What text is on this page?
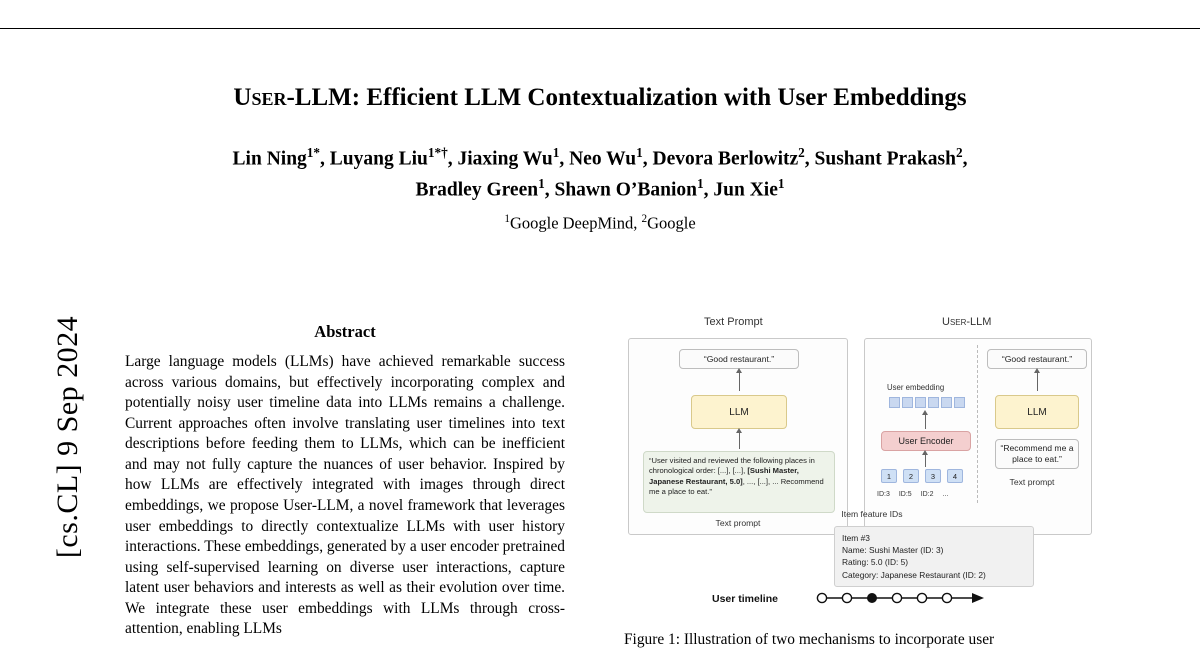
[cs.CL] 9 Sep 2024
User-LLM: Efficient LLM Contextualization with User Embeddings
Lin Ning$^{1*}$, Luyang Liu$^{1*\dagger}$, Jiaxing Wu$^1$, Neo Wu$^1$, Devora Berlowitz$^2$, Sushant Prakash$^2$,
Bradley Green$^1$, Shawn O’Banion$^1$, Jun Xie$^1$
$^1$Google DeepMind, $^2$Google
Abstract
Large language models (LLMs) have achieved remarkable success across various domains, but effectively incorporating complex and potentially noisy user timeline data into LLMs remains a challenge. Current approaches often involve translating user timelines into text descriptions before feeding them to LLMs, which can be inefficient and may not fully capture the nuances of user behavior. Inspired by how LLMs are effectively integrated with images through direct embeddings, we propose User-LLM, a novel framework that leverages user embeddings to directly contextualize LLMs with user history interactions. These embeddings, generated by a user encoder pretrained using self-supervised learning on diverse user interactions, capture latent user behaviors and interests as well as their evolution over time. We integrate these user embeddings with LLMs through cross-attention, enabling LLMs
Text Prompt	User-LLM
“Good restaurant.”
LLM
“User visited and reviewed the following places in chronological order: [...], [...], [Sushi Master, Japanese Restaurant, 5.0], ..., [...], ... Recommend me a place to eat.”
Text prompt
“Good restaurant.”
LLM
User embedding
User Encoder
1	2	3	4
ID:3 ID:5 ID:2 ...
Item feature IDs
“Recommend me a place to eat.”
Text prompt
Item #3
Name: Sushi Master (ID: 3)
Rating: 5.0 (ID: 5)
Category: Japanese Restaurant (ID: 2)
User timeline
Figure 1: Illustration of two mechanisms to incorporate user
